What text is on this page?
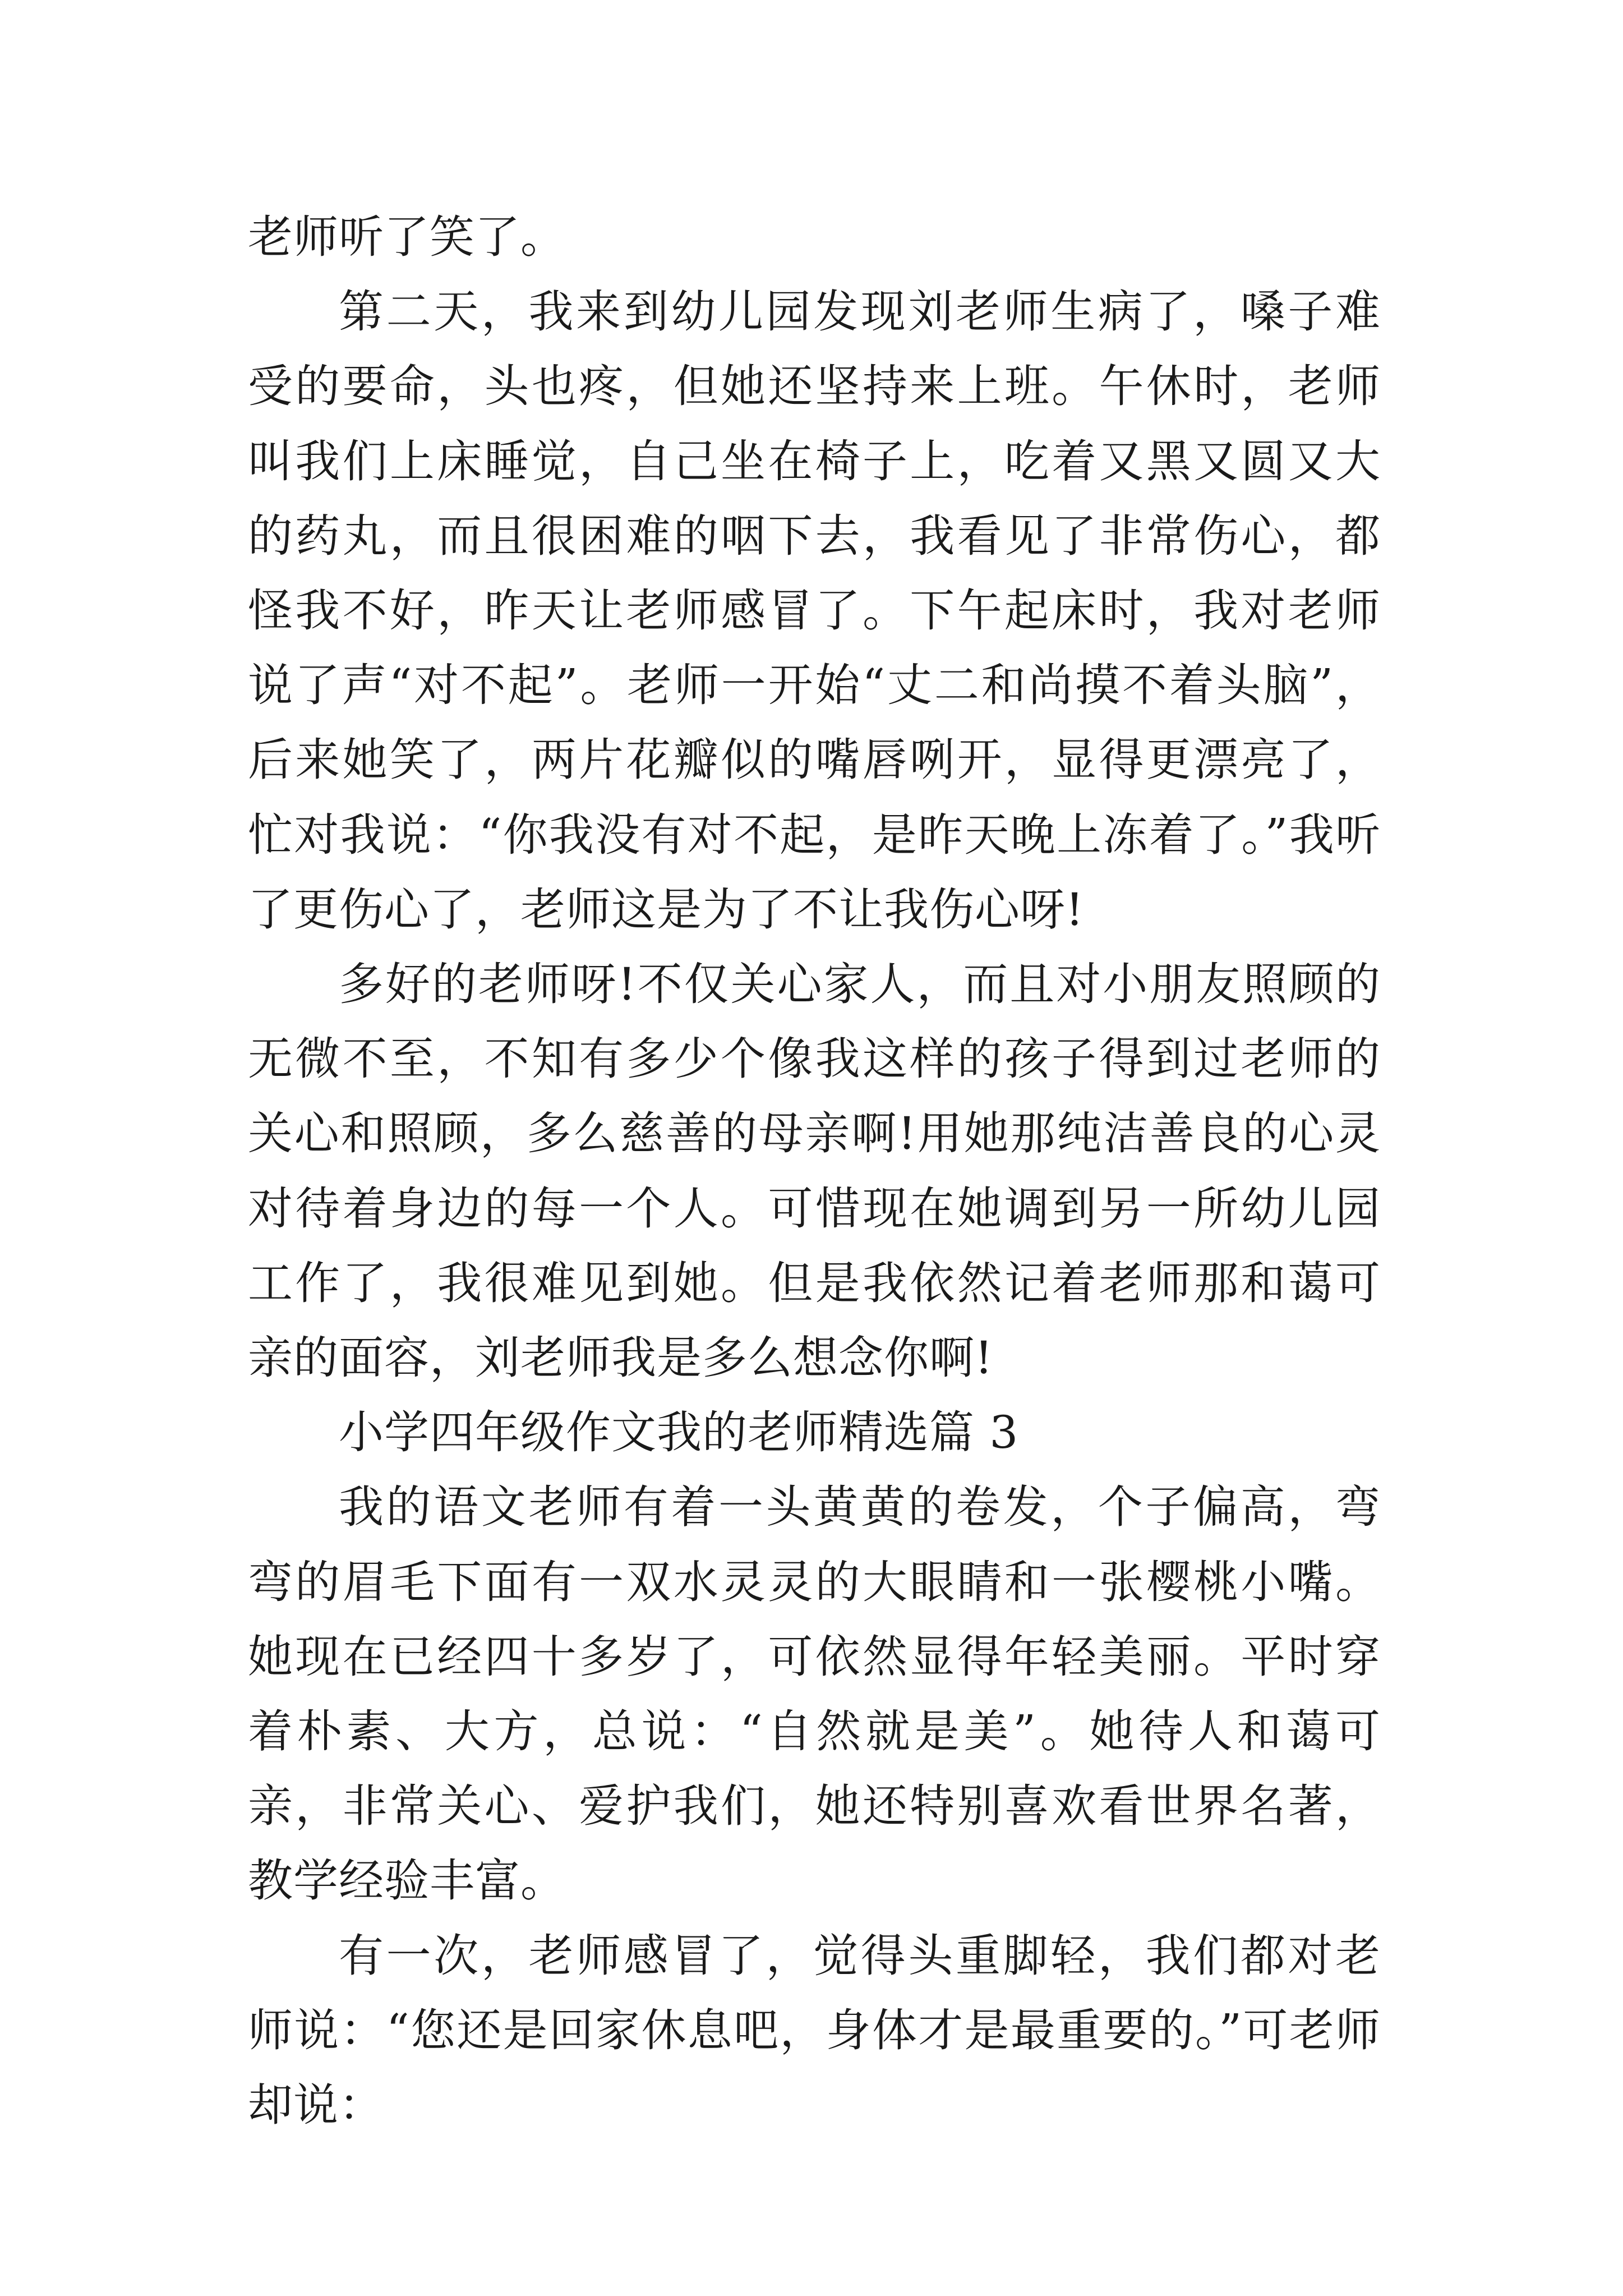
老师听了笑了。

第二天，我来到幼儿园发现刘老师生病了，嗓子难受的要命，头也疼，但她还坚持来上班。午休时，老师叫我们上床睡觉，自己坐在椅子上，吃着又黑又圆又大的药丸，而且很困难的咽下去，我看见了非常伤心，都怪我不好，昨天让老师感冒了。下午起床时，我对老师说了声“对不起”。老师一开始“丈二和尚摸不着头脑”，后来她笑了，两片花瓣似的嘴唇咧开，显得更漂亮了，忙对我说：“你我没有对不起，是昨天晚上冻着了。”我听了更伤心了，老师这是为了不让我伤心呀!

多好的老师呀!不仅关心家人，而且对小朋友照顾的无微不至，不知有多少个像我这样的孩子得到过老师的关心和照顾，多么慈善的母亲啊!用她那纯洁善良的心灵对待着身边的每一个人。可惜现在她调到另一所幼儿园工作了，我很难见到她。但是我依然记着老师那和蔼可亲的面容，刘老师我是多么想念你啊!

小学四年级作文我的老师精选篇 3

我的语文老师有着一头黄黄的卷发，个子偏高，弯弯的眉毛下面有一双水灵灵的大眼睛和一张樱桃小嘴。她现在已经四十多岁了，可依然显得年轻美丽。平时穿着朴素、大方，总说：“自然就是美”。她待人和蔼可亲，非常关心、爱护我们，她还特别喜欢看世界名著，教学经验丰富。

有一次，老师感冒了，觉得头重脚轻，我们都对老师说：“您还是回家休息吧，身体才是最重要的。”可老师却说：
